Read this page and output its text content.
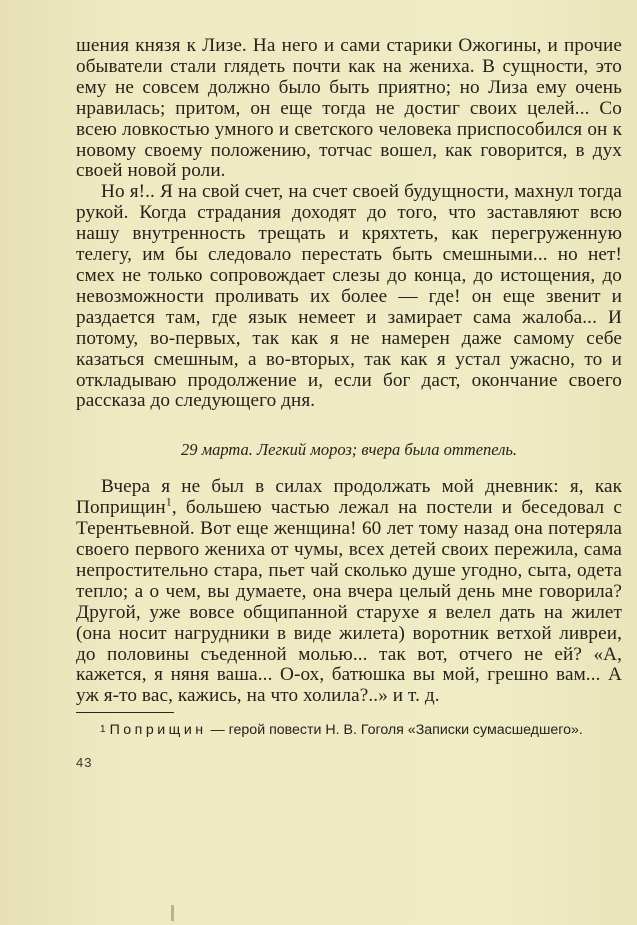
шения князя к Лизе. На него и сами старики Ожогины, и прочие обыватели стали глядеть почти как на жениха. В сущности, это ему не совсем должно было быть приятно; но Лиза ему очень нравилась; притом, он еще тогда не достиг своих целей... Со всею ловкостью умного и светского человека приспособился он к новому своему положению, тотчас вошел, как говорится, в дух своей новой роли.

Но я!.. Я на свой счет, на счет своей будущности, махнул тогда рукой. Когда страдания доходят до того, что заставляют всю нашу внутренность трещать и кряхтеть, как перегруженную телегу, им бы следовало перестать быть смешными... но нет! смех не только сопровождает слезы до конца, до истощения, до невозможности проливать их более — где! он еще звенит и раздается там, где язык немеет и замирает сама жалоба... И потому, во-первых, так как я не намерен даже самому себе казаться смешным, а во-вторых, так как я устал ужасно, то и откладываю продолжение и, если бог даст, окончание своего рассказа до следующего дня.

29 марта. Легкий мороз; вчера была оттепель.

Вчера я не был в силах продолжать мой дневник: я, как Поприщин$^1$, большею частью лежал на постели и беседовал с Терентьевной. Вот еще женщина! 60 лет тому назад она потеряла своего первого жениха от чумы, всех детей своих пережила, сама непростительно стара, пьет чай сколько душе угодно, сыта, одета тепло; а о чем, вы думаете, она вчера целый день мне говорила? Другой, уже вовсе общипанной старухе я велел дать на жилет (она носит нагрудники в виде жилета) воротник ветхой ливреи, до половины съеденной молью... так вот, отчего не ей? «А, кажется, я няня ваша... О-ох, батюшка вы мой, грешно вам... А уж я-то вас, кажись, на что холила?..» и т. д.

1 Поприщин — герой повести Н. В. Гоголя «Записки сумасшедшего».

43
